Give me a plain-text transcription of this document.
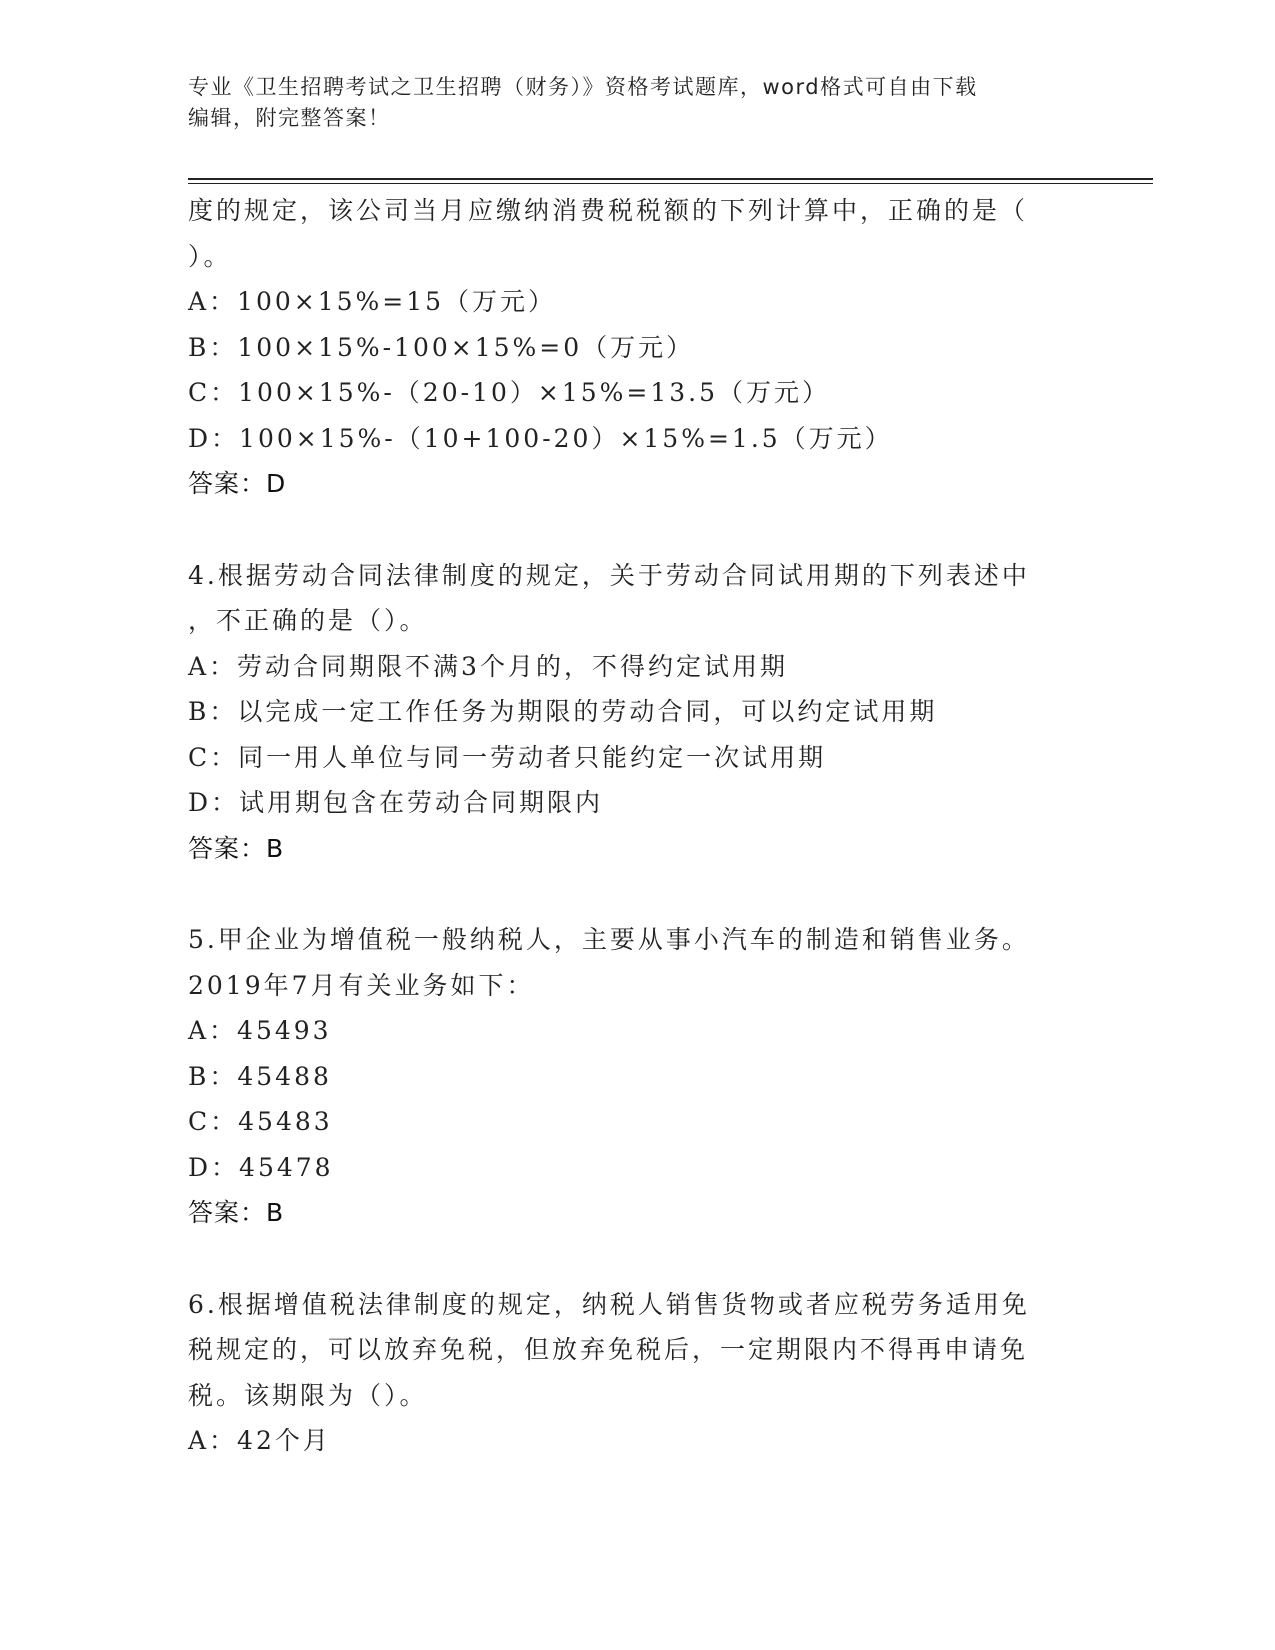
专业《卫生招聘考试之卫生招聘（财务）》资格考试题库，word格式可自由下载
编辑，附完整答案！
度的规定，该公司当月应缴纳消费税税额的下列计算中，正确的是（
）。
A：100×15%=15（万元）
B：100×15%-100×15%=0（万元）
C：100×15%-（20-10）×15%=13.5（万元）
D：100×15%-（10+100-20）×15%=1.5（万元）
答案：D
4.根据劳动合同法律制度的规定，关于劳动合同试用期的下列表述中
，不正确的是（）。
A：劳动合同期限不满3个月的，不得约定试用期
B：以完成一定工作任务为期限的劳动合同，可以约定试用期
C：同一用人单位与同一劳动者只能约定一次试用期
D：试用期包含在劳动合同期限内
答案：B
5.甲企业为增值税一般纳税人，主要从事小汽车的制造和销售业务。
2019年7月有关业务如下：
A：45493
B：45488
C：45483
D：45478
答案：B
6.根据增值税法律制度的规定，纳税人销售货物或者应税劳务适用免
税规定的，可以放弃免税，但放弃免税后，一定期限内不得再申请免
税。该期限为（）。
A：42个月
